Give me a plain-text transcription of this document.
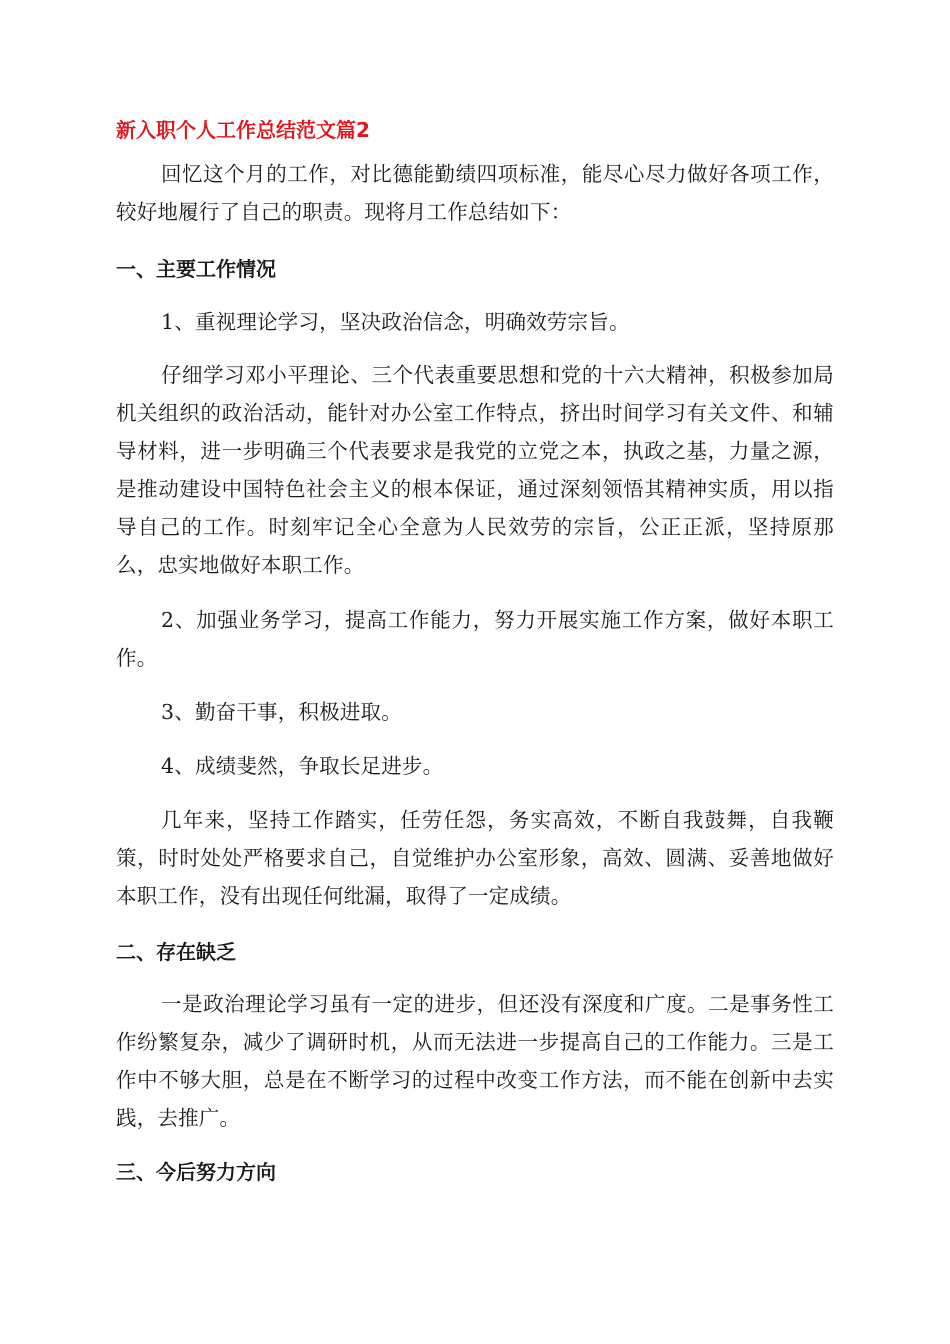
新入职个人工作总结范文篇2

回忆这个月的工作，对比德能勤绩四项标准，能尽心尽力做好各项工作，较好地履行了自己的职责。现将月工作总结如下：

一、主要工作情况

1、重视理论学习，坚决政治信念，明确效劳宗旨。

仔细学习邓小平理论、三个代表重要思想和党的十六大精神，积极参加局机关组织的政治活动，能针对办公室工作特点，挤出时间学习有关文件、和辅导材料，进一步明确三个代表要求是我党的立党之本，执政之基，力量之源，是推动建设中国特色社会主义的根本保证，通过深刻领悟其精神实质，用以指导自己的工作。时刻牢记全心全意为人民效劳的宗旨，公正正派，坚持原那么，忠实地做好本职工作。

2、加强业务学习，提高工作能力，努力开展实施工作方案，做好本职工作。

3、勤奋干事，积极进取。

4、成绩斐然，争取长足进步。

几年来，坚持工作踏实，任劳任怨，务实高效，不断自我鼓舞，自我鞭策，时时处处严格要求自己，自觉维护办公室形象，高效、圆满、妥善地做好本职工作，没有出现任何纰漏，取得了一定成绩。

二、存在缺乏

一是政治理论学习虽有一定的进步，但还没有深度和广度。二是事务性工作纷繁复杂，减少了调研时机，从而无法进一步提高自己的工作能力。三是工作中不够大胆，总是在不断学习的过程中改变工作方法，而不能在创新中去实践，去推广。

三、今后努力方向
